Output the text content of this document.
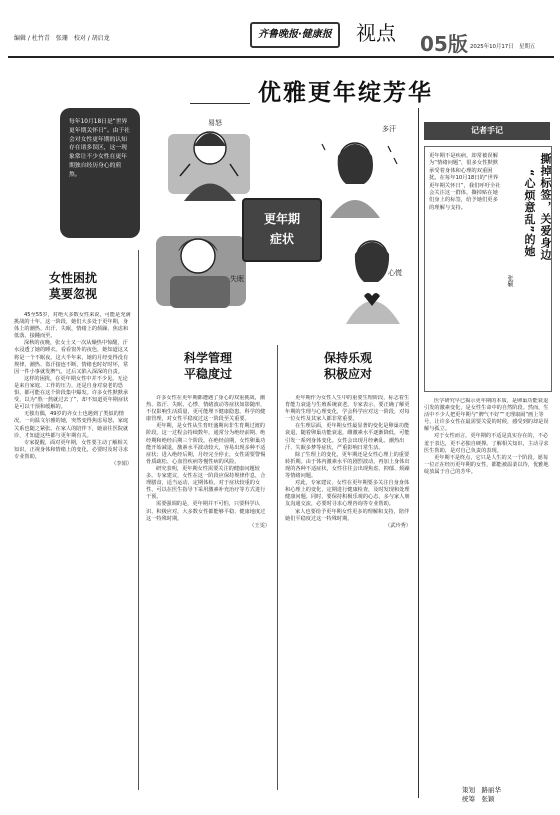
编辑 / 杜竹青　张珊　校对 / 胡启龙	齐鲁晚报·健康报	视点 05版 2025年10月17日　星期五
优雅更年绽芳华
每年10月18日是“世界更年期关怀日”。由于社会对女性更年期的认知存在诸多误区，这一现象常让不少女性在更年期独自经历身心的煎熬。
更年期
症状
易怒
失眠
多汗
心慌
女性困扰
莫要忽视

45至55岁，对绝大多数女性来说，可能是充满挑战的十年。这一阶段，她们大多处于更年期，身体上的潮热、出汗、失眠，情绪上的烦躁、焦虑和低落，接踵而至。

深秋的夜晚，张女士又一次从燥热中惊醒，汗水浸透了她的睡衣。看看窗外的夜色，她知道这又将是一个不眠夜。这大半年来，她的月经变得没有规律，潮热、盗汗接连不断，情绪也时好时坏，常因一件小事就发脾气，过后又陷入深深的自责。

这样的困扰，在更年期女性中并不少见。无论是来自家庭、工作的压力，还是自身对衰老的恐惧，都可能在这个阶段集中爆发。许多女性默默承受，以为“熬一熬就过去了”，却不知道更年期症状是可以干预和缓解的。

无独有偶，49岁的齐女士也遇到了类似的情况。一向温文尔雅的她，突然变得焦虑易怒，家庭关系也随之紧张。在家人的陪伴下，她前往医院就诊，才知道这些都与更年期有关。

专家提醒，面对更年期，女性要主动了解相关知识，正视身体和情绪上的变化，必要时及时寻求专业帮助。

（李娟）
科学管理
平稳度过

许多女性在更年期都遭遇了身心的双重挑战，潮热、盗汗、失眠、心悸、情绪波动等症状如影随形，不仅影响生活质量，更可能埋下健康隐患。科学的健康管理，对女性平稳度过这一阶段至关重要。

更年期，是女性从生育旺盛期向非生育期过渡的阶段，这一过程会持续数年。通常分为绝经前期、绝经期和绝经后期三个阶段。在绝经前期，女性卵巢功能开始减退，激素水平波动较大，容易出现多种不适症状；进入绝经后期，月经完全停止，女性需要警惕骨质疏松、心血管疾病等慢性病的风险。

研究表明，更年期女性需要关注的健康问题较多。专家建议，女性在这一阶段应保持规律作息，合理膳食，适当运动，定期体检。对于症状较重的女性，可以在医生指导下采用激素补充治疗等方式进行干预。

需要强调的是，更年期并不可怕，只要科学认识、积极应对，大多数女性都能够平稳、健康地度过这一特殊时期。

（王雯）
保持乐观
积极应对

更年期作为女性人生中的重要生理阶段，标志着生育能力衰退与生殖系统衰老。专家表示，要正确了解更年期的生理与心理变化，学会科学应对这一阶段，对每一位女性及其家人都非常重要。

在生理层面，更年期女性最显著的变化是卵巢功能衰退，随着卵巢功能衰退，雌激素水平逐渐降低，可能引发一系列身体变化。女性会出现月经紊乱、潮热出汗、失眠多梦等症状，严重影响日常生活。

除了生理上的变化，更年期还是女性心理上的重要转折期。由于体内激素水平的剧烈波动，再加上身体出现的各种不适症状，女性往往会出现焦虑、抑郁、烦躁等情绪问题。

对此，专家建议，女性在更年期要多关注自身身体和心理上的变化，定期进行健康检查，及时发现和处理健康问题。同时，要保持积极乐观的心态，多与家人朋友沟通交流，必要时寻求心理咨询等专业帮助。

家人也要给予更年期女性更多的理解和支持，陪伴她们平稳度过这一特殊时期。

（武玲秀）
记者手记
更年期不是疾病，却常被误解为“情绪问题”，很多女性默默承受着身体和心理的双重困扰。在每年10月18日的“世界更年期关怀日”，我们呼吁全社会关注这一群体，撕掉贴在她们身上的标签，给予她们更多的理解与支持。
张颖
撕掉标签，关爱身边
“心烦意乱”的她

医学研究早已揭示更年期的本质，是卵巢功能衰退引发的激素变化，是女性生命中的自然阶段。然而，生活中不少人把更年期与“脾气不好”“无理取闹”画上等号，让许多女性在最需要关爱的时候，感受到的却是误解与孤立。

对于女性而言，更年期的不适是真实存在的，不必羞于表达，更不必独自硬撑。了解相关知识，主动寻求医生帮助，是对自己负责的表现。

更年期不是终点，它只是人生的又一个阶段。愿每一位正在经历更年期的女性，都能被温柔以待，优雅地绽放属于自己的芳华。

策划　路丽华
统筹　张颖
